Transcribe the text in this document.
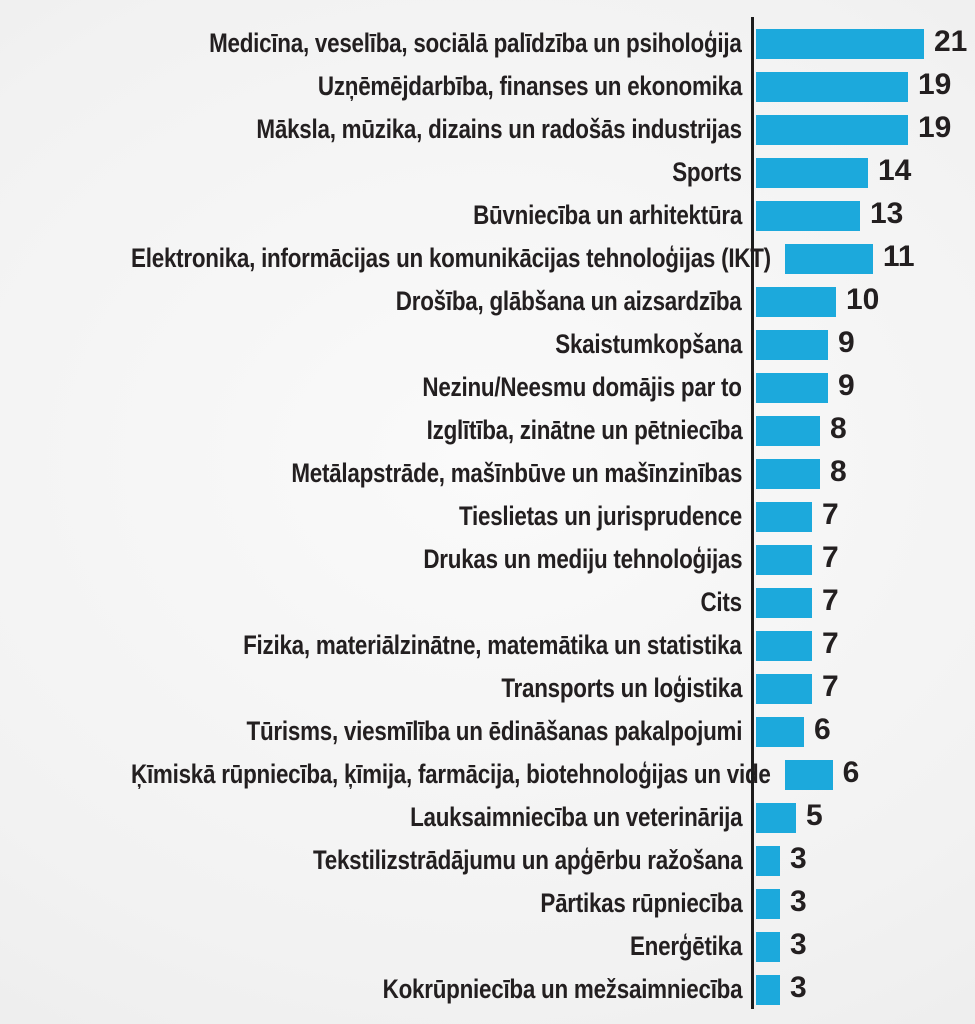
Medicīna, veselība, sociālā palīdzība un psiholoģija	21
Uzņēmējdarbība, finanses un ekonomika	19
Māksla, mūzika, dizains un radošās industrijas	19
Sports	14
Būvniecība un arhitektūra	13
Elektronika, informācijas un komunikācijas tehnoloģijas (IKT)	11
Drošība, glābšana un aizsardzība	10
Skaistumkopšana	9
Nezinu/Neesmu domājis par to	9
Izglītība, zinātne un pētniecība	8
Metālapstrāde, mašīnbūve un mašīnzinības	8
Tieslietas un jurisprudence	7
Drukas un mediju tehnoloģijas	7
Cits	7
Fizika, materiālzinātne, matemātika un statistika	7
Transports un loģistika	7
Tūrisms, viesmīlība un ēdināšanas pakalpojumi 6
Ķīmiskā rūpniecība, ķīmija, farmācija, biotehnoloģijas un vide 6
Lauksaimniecība un veterinārija 5
Tekstilizstrādājumu un apģērbu ražošana 3
Pārtikas rūpniecība 3
Enerģētika 3
Kokrūpniecība un mežsaimniecība 3
